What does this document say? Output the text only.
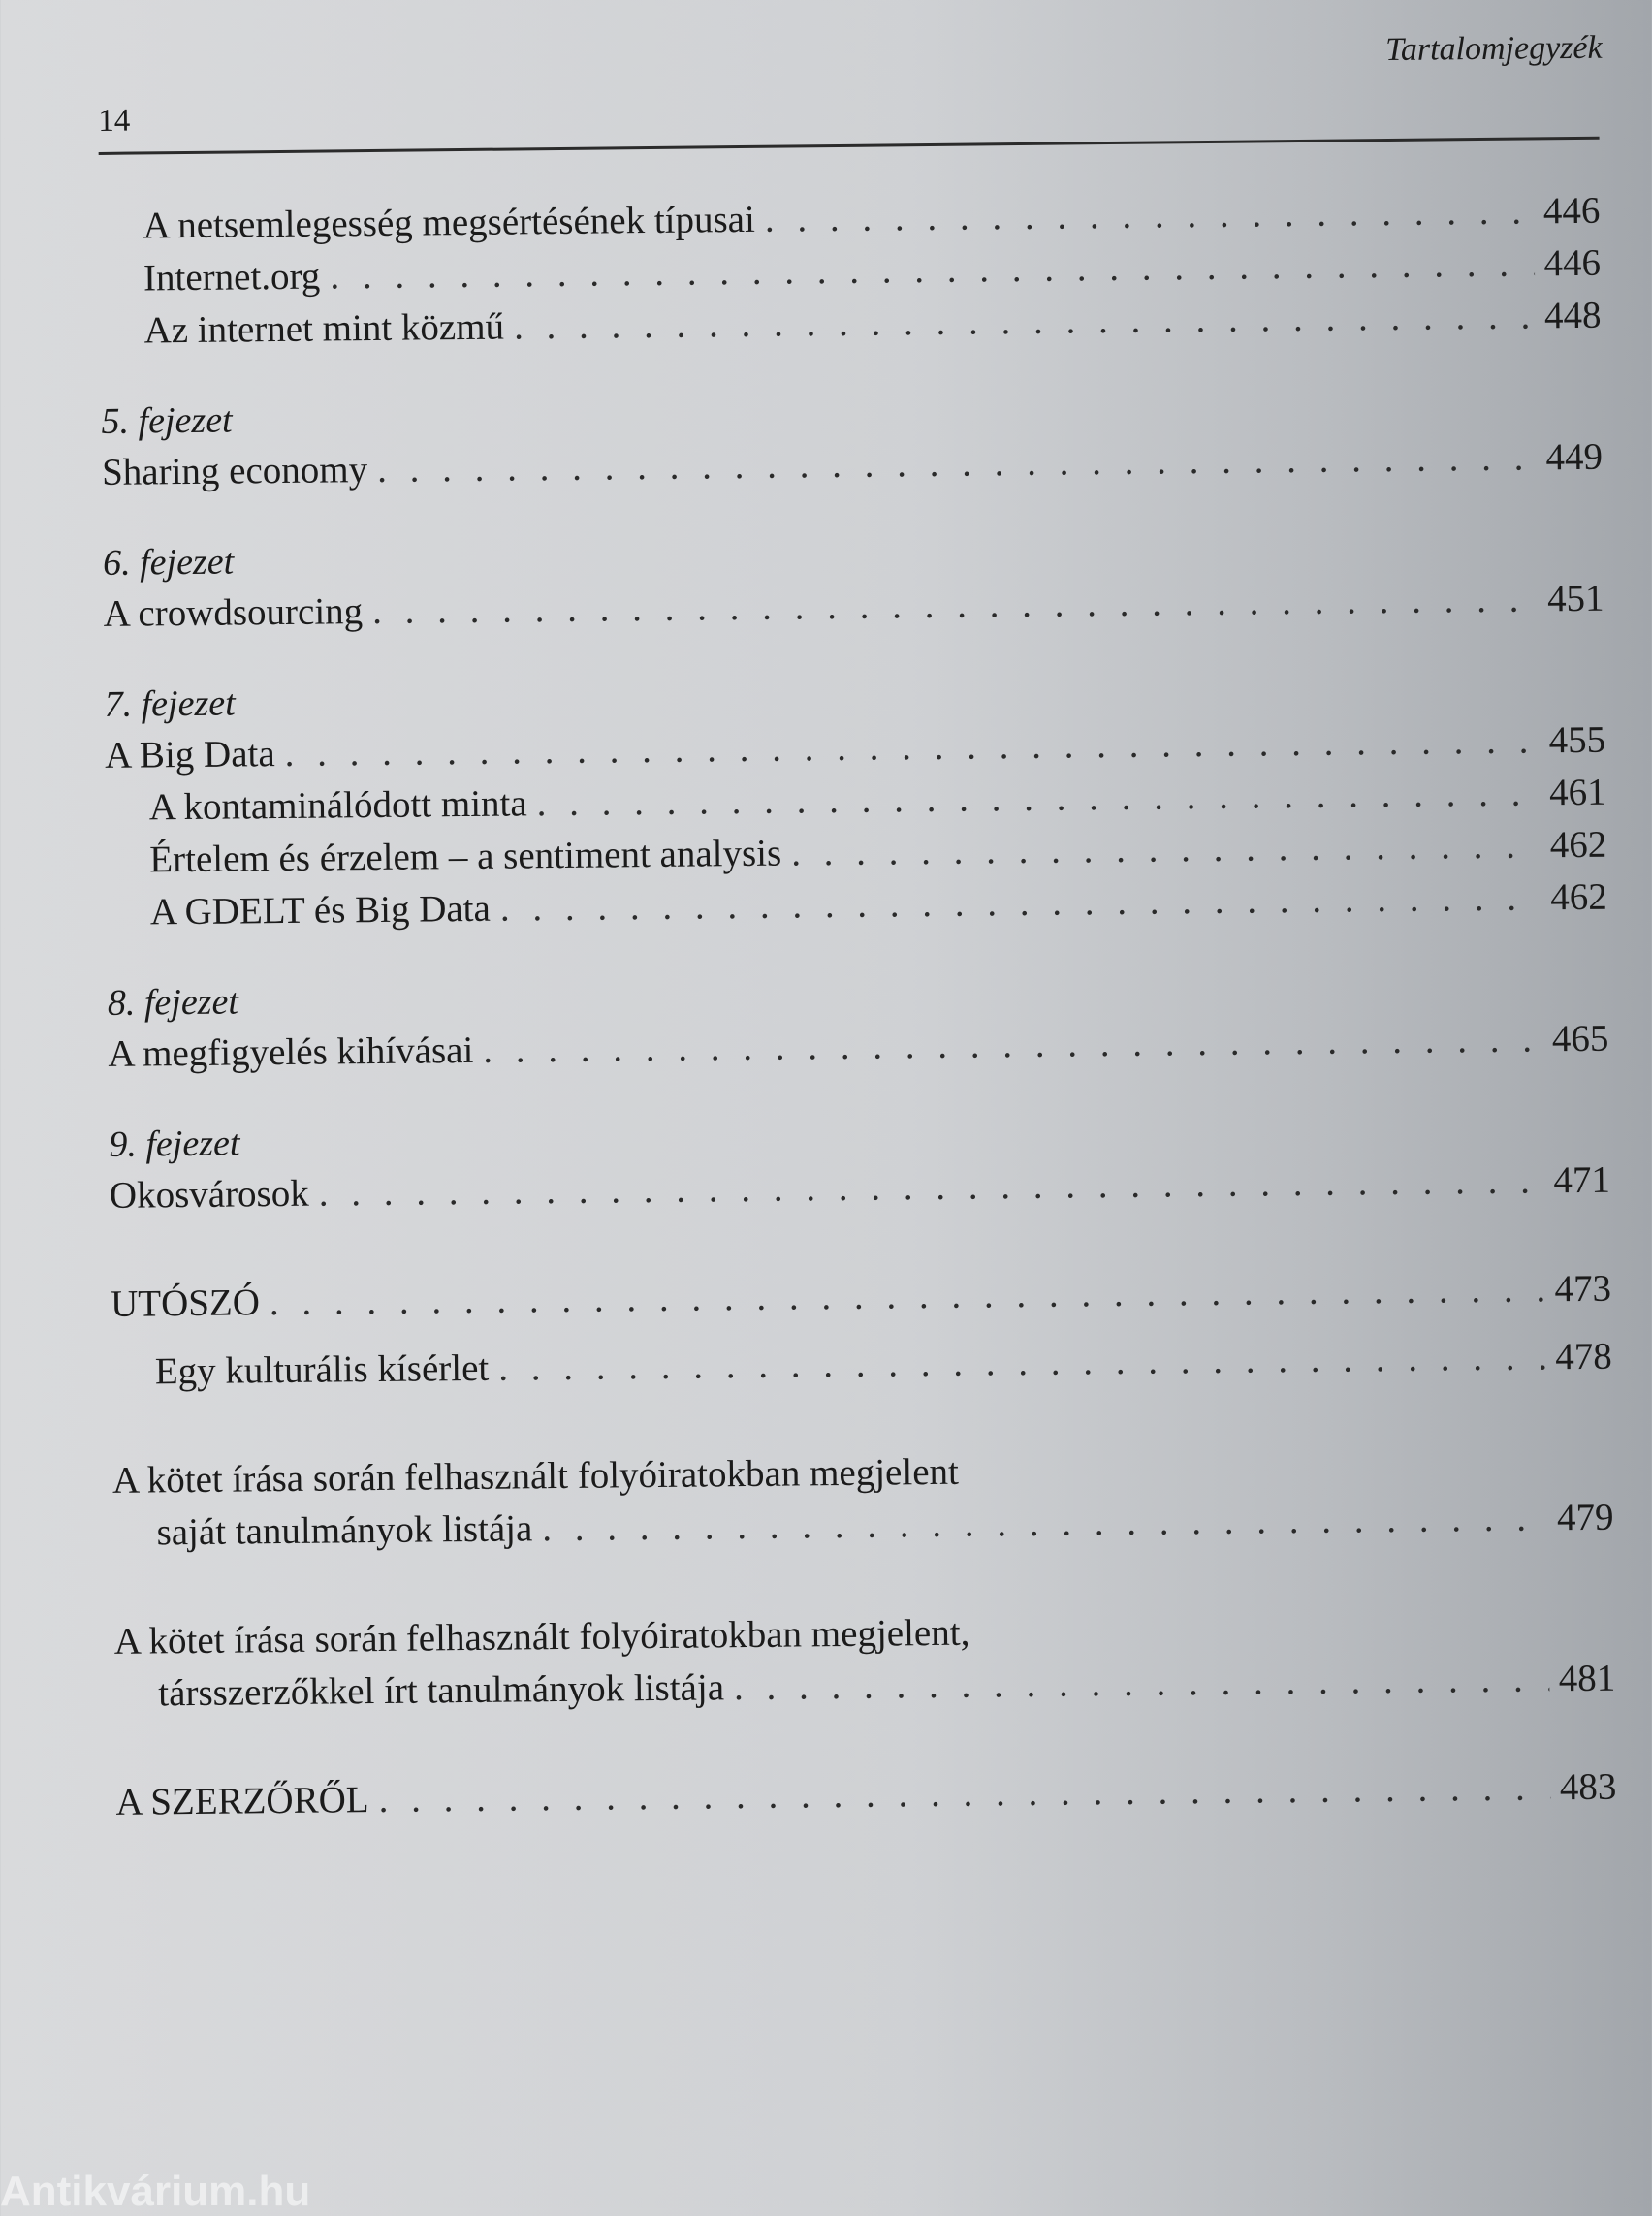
Tartalomjegyzék
14
A netsemlegesség megsértésének típusai . . .	446
Internet.org . . .	446
Az internet mint közmű . . .	448
5. fejezet
Sharing economy . . .	449
6. fejezet
A crowdsourcing . . .	451
7. fejezet
A Big Data . . .	455
A kontaminálódott minta . . .	461
Értelem és érzelem – a sentiment analysis . . .	462
A GDELT és Big Data . . .	462
8. fejezet
A megfigyelés kihívásai . . .	465
9. fejezet
Okosvárosok . . .	471
UTÓSZÓ . . .	473
Egy kulturális kísérlet . . .	478
A kötet írása során felhasznált folyóiratokban megjelent
saját tanulmányok listája . . .	479
A kötet írása során felhasznált folyóiratokban megjelent,
társszerzőkkel írt tanulmányok listája . . .	481
A SZERZŐRŐL . . .	483
Antikvárium.hu
